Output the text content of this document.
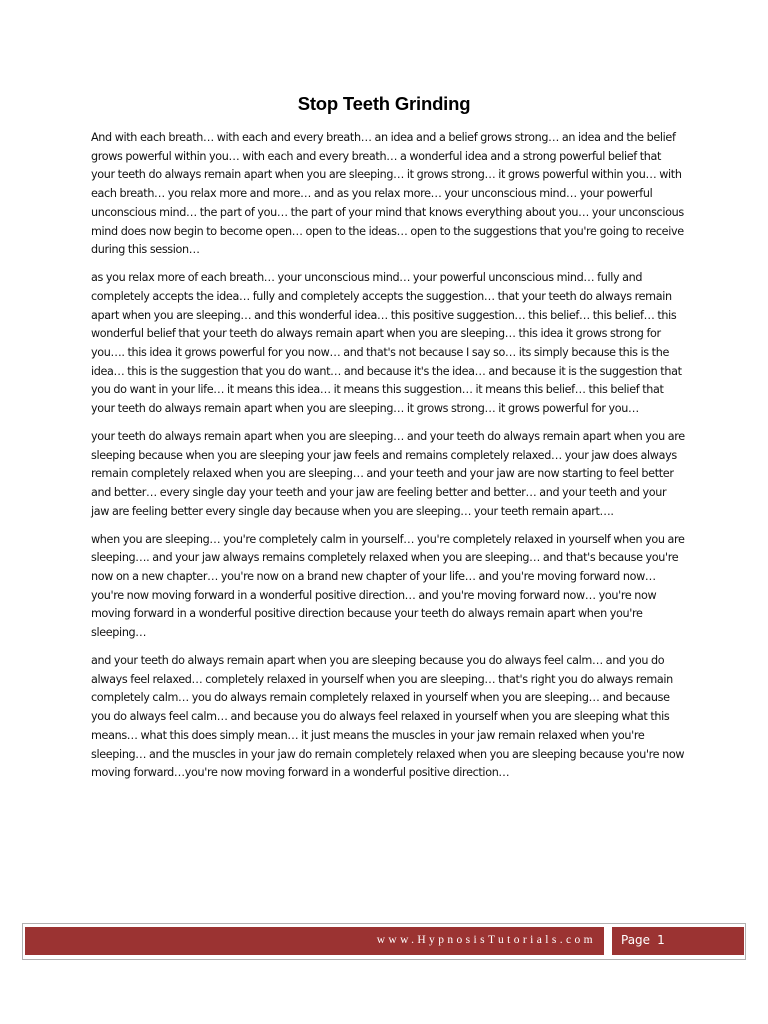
Stop Teeth Grinding

And with each breath… with each and every breath… an idea and a belief grows strong… an idea and the belief grows powerful within you… with each and every breath… a wonderful idea and a strong powerful belief that your teeth do always remain apart when you are sleeping… it grows strong… it grows powerful within you… with each breath… you relax more and more… and as you relax more… your unconscious mind… your powerful unconscious mind… the part of you… the part of your mind that knows everything about you… your unconscious mind does now begin to become open… open to the ideas… open to the suggestions that you're going to receive during this session…

as you relax more of each breath… your unconscious mind… your powerful unconscious mind… fully and completely accepts the idea… fully and completely accepts the suggestion… that your teeth do always remain apart when you are sleeping… and this wonderful idea… this positive suggestion… this belief… this belief… this wonderful belief that your teeth do always remain apart when you are sleeping… this idea it grows strong for you…. this idea it grows powerful for you now… and that's not because I say so… its simply because this is the idea… this is the suggestion that you do want… and because it's the idea… and because it is the suggestion that you do want in your life… it means this idea… it means this suggestion… it means this belief… this belief that your teeth do always remain apart when you are sleeping… it grows strong… it grows powerful for you…

your teeth do always remain apart when you are sleeping… and your teeth do always remain apart when you are sleeping because when you are sleeping your jaw feels and remains completely relaxed… your jaw does always remain completely relaxed when you are sleeping… and your teeth and your jaw are now starting to feel better and better… every single day your teeth and your jaw are feeling better and better… and your teeth and your jaw are feeling better every single day because when you are sleeping… your teeth remain apart….

when you are sleeping… you're completely calm in yourself… you're completely relaxed in yourself when you are sleeping…. and your jaw always remains completely relaxed when you are sleeping… and that's because you're now on a new chapter… you're now on a brand new chapter of your life… and you're moving forward now… you're now moving forward in a wonderful positive direction… and you're moving forward now… you're now moving forward in a wonderful positive direction because your teeth do always remain apart when you're sleeping…

and your teeth do always remain apart when you are sleeping because you do always feel calm… and you do always feel relaxed… completely relaxed in yourself when you are sleeping… that's right you do always remain completely calm… you do always remain completely relaxed in yourself when you are sleeping… and because you do always feel calm… and because you do always feel relaxed in yourself when you are sleeping what this means… what this does simply mean… it just means the muscles in your jaw remain relaxed when you're sleeping… and the muscles in your jaw do remain completely relaxed when you are sleeping because you're now moving forward…you're now moving forward in a wonderful positive direction…

www.HypnosisTutorials.com Page 1
